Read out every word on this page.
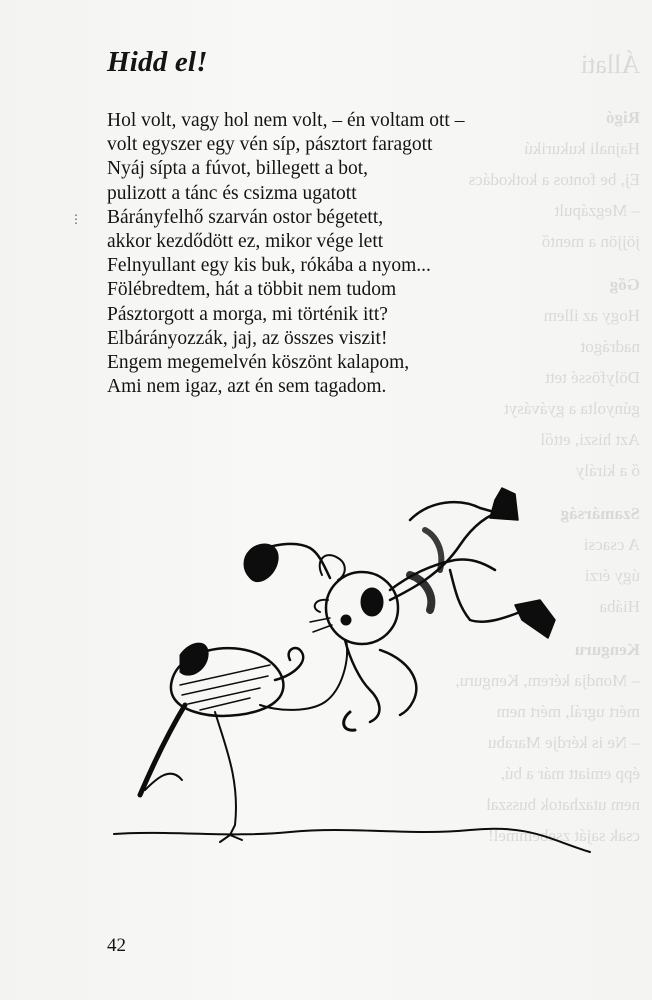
Állati
Rigó
Hajnali kukurikú
Ej, be fontos a kotkodács
– Megzápult
jöjjön a mentő
Gőg
Hogy az illem
nadrágot
Dölyfössé tett
gúnyolta a gyávásyt
Azt hiszi, ettől
ő a király
Szamárság
A csacsi
úgy érzi
Hiába
Kenguru
– Mondja kérem, Kenguru,
mért ugrál, mért nem
– Ne is kérdje Marabu
épp emiatt már a bú,
nem utazhatok busszal
csak saját zsebemmel!
Hidd el!
Hol volt, vagy hol nem volt, – én voltam ott –
volt egyszer egy vén síp, pásztort faragott
Nyáj sípta a fúvot, billegett a bot,
pulizott a tánc és csizma ugatott
Bárányfelhő szarván ostor bégetett,
akkor kezdődött ez, mikor vége lett
Felnyullant egy kis buk, rókába a nyom...
Fölébredtem, hát a többit nem tudom
Pásztorgott a morga, mi történik itt?
Elbárányozzák, jaj, az összes viszit!
Engem megemelvén köszönt kalapom,
Ami nem igaz, azt én sem tagadom.
42
⋮
